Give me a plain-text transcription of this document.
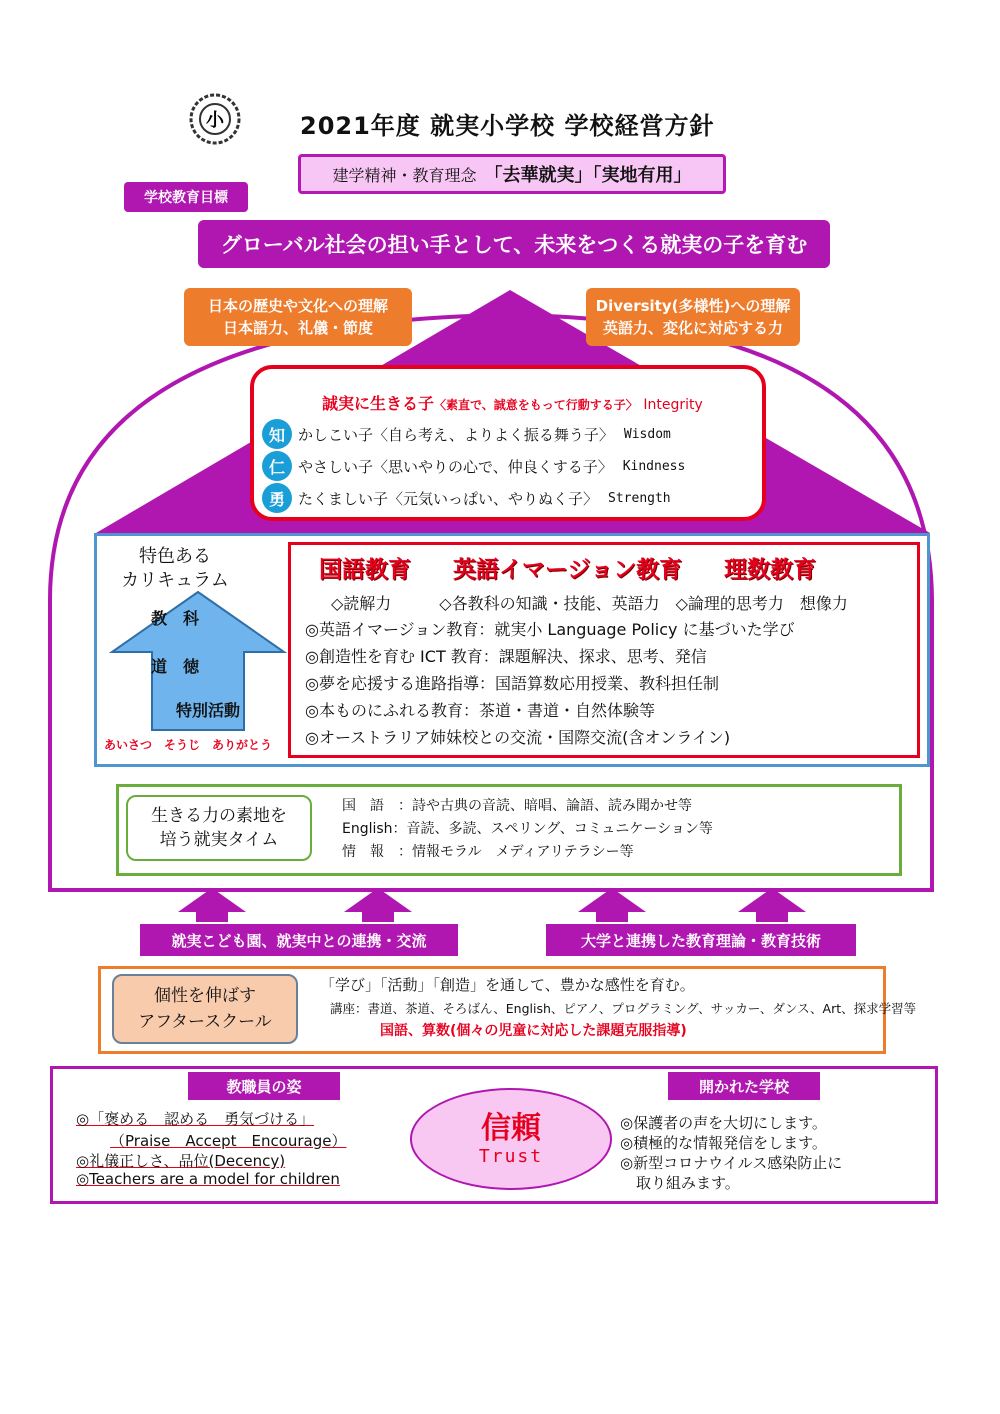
小	2021年度 就実小学校 学校経営方針
建学精神・教育理念 「去華就実」「実地有用」
学校教育目標
グローバル社会の担い手として、未来をつくる就実の子を育む
日本の歴史や文化への理解
日本語力、礼儀・節度
Diversity(多様性)への理解
英語力、変化に対応する力
誠実に生きる子〈素直で、誠意をもって行動する子〉 Integrity
知 かしこい子〈自ら考え、よりよく振る舞う子〉 Wisdom
仁 やさしい子〈思いやりの心で、仲良くする子〉 Kindness
勇 たくましい子〈元気いっぱい、やりぬく子〉 Strength
特色ある
カリキュラム
教　科
道　徳
特別活動
あいさつ　そうじ　ありがとう
国語教育 英語イマージョン教育 理数教育
◇読解力　　　◇各教科の知識・技能、英語力　◇論理的思考力　想像力
◎英語イマージョン教育：就実小 Language Policy に基づいた学び
◎創造性を育む ICT 教育：課題解決、探求、思考、発信
◎夢を応援する進路指導：国語算数応用授業、教科担任制
◎本ものにふれる教育：茶道・書道・自然体験等
◎オーストラリア姉妹校との交流・国際交流(含オンライン)
生きる力の素地を
培う就実タイム
国　語　：詩や古典の音読、暗唱、論語、読み聞かせ等
English：音読、多読、スペリング、コミュニケーション等
情　報　：情報モラル　メディアリテラシー等
就実こども園、就実中との連携・交流	大学と連携した教育理論・教育技術
個性を伸ばす
アフタースクール
「学び」「活動」「創造」を通して、豊かな感性を育む。
講座：書道、茶道、そろばん、English、ピアノ、プログラミング、サッカー、ダンス、Art、探求学習等
国語、算数(個々の児童に対応した課題克服指導)
教職員の姿	開かれた学校
◎「褒める　認める　勇気づける」
（Praise　Accept　Encourage）
◎礼儀正しさ、品位(Decency)
◎Teachers are a model for children
信頼
Trust
◎保護者の声を大切にします。
◎積極的な情報発信をします。
◎新型コロナウイルス感染防止に
取り組みます。
